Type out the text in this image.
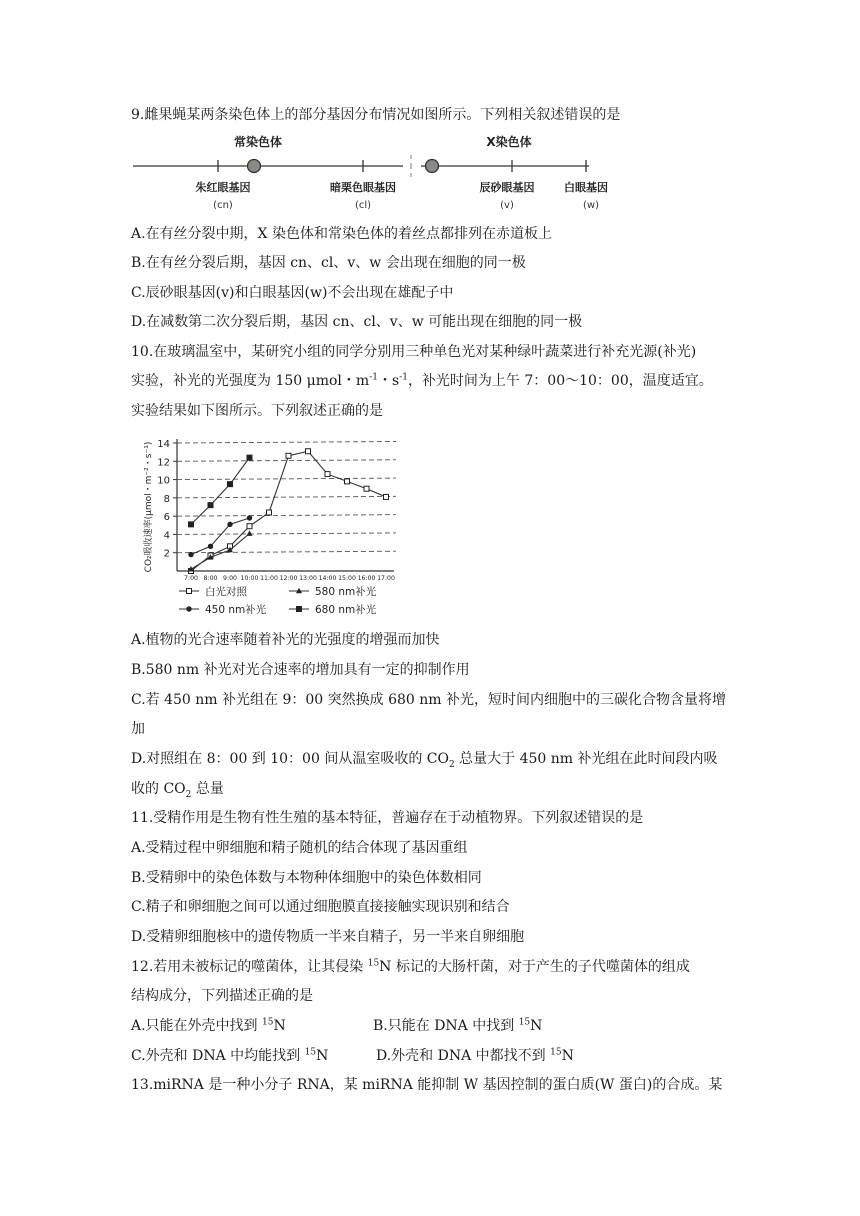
9.雌果蝇某两条染色体上的部分基因分布情况如图所示。下列相关叙述错误的是
常染色体	X染色体
朱红眼基因
(cn)
暗栗色眼基因
(cl)
辰砂眼基因
(v)
白眼基因
(w)
A.在有丝分裂中期，X 染色体和常染色体的着丝点都排列在赤道板上
B.在有丝分裂后期，基因 cn、cl、v、w 会出现在细胞的同一极
C.辰砂眼基因(v)和白眼基因(w)不会出现在雄配子中
D.在减数第二次分裂后期，基因 cn、cl、v、w 可能出现在细胞的同一极
10.在玻璃温室中，某研究小组的同学分别用三种单色光对某种绿叶蔬菜进行补充光源(补光)
实验，补光的光强度为 150 μmol・$m^{-1}$・$s^{-1}$，补光时间为上午 7：00～10：00，温度适宜。
实验结果如下图所示。下列叙述正确的是
2
4
6
8
10
12
14
7:00 8:00 9:00 10:00 11:00 12:00 13:00 14:00 15:00 16:00 17:00
CO₂吸收速率(μmol・m⁻²・s⁻¹)
白光对照	580 nm补光
450 nm补光	680 nm补光
A.植物的光合速率随着补光的光强度的增强而加快
B.580 nm 补光对光合速率的增加具有一定的抑制作用
C.若 450 nm 补光组在 9：00 突然换成 680 nm 补光，短时间内细胞中的三碳化合物含量将增
加
D.对照组在 8：00 到 10：00 间从温室吸收的 $CO_2$ 总量大于 450 nm 补光组在此时间段内吸
收的 $CO_2$ 总量
11.受精作用是生物有性生殖的基本特征，普遍存在于动植物界。下列叙述错误的是
A.受精过程中卵细胞和精子随机的结合体现了基因重组
B.受精卵中的染色体数与本物种体细胞中的染色体数相同
C.精子和卵细胞之间可以通过细胞膜直接接触实现识别和结合
D.受精卵细胞核中的遗传物质一半来自精子，另一半来自卵细胞
12.若用未被标记的噬菌体，让其侵染 $^{15}$N 标记的大肠杆菌，对于产生的子代噬菌体的组成
结构成分，下列描述正确的是
A.只能在外壳中找到 $^{15}$N	B.只能在 DNA 中找到 $^{15}$N
C.外壳和 DNA 中均能找到 $^{15}$N	D.外壳和 DNA 中都找不到 $^{15}$N
13.miRNA 是一种小分子 RNA，某 miRNA 能抑制 W 基因控制的蛋白质(W 蛋白)的合成。某
